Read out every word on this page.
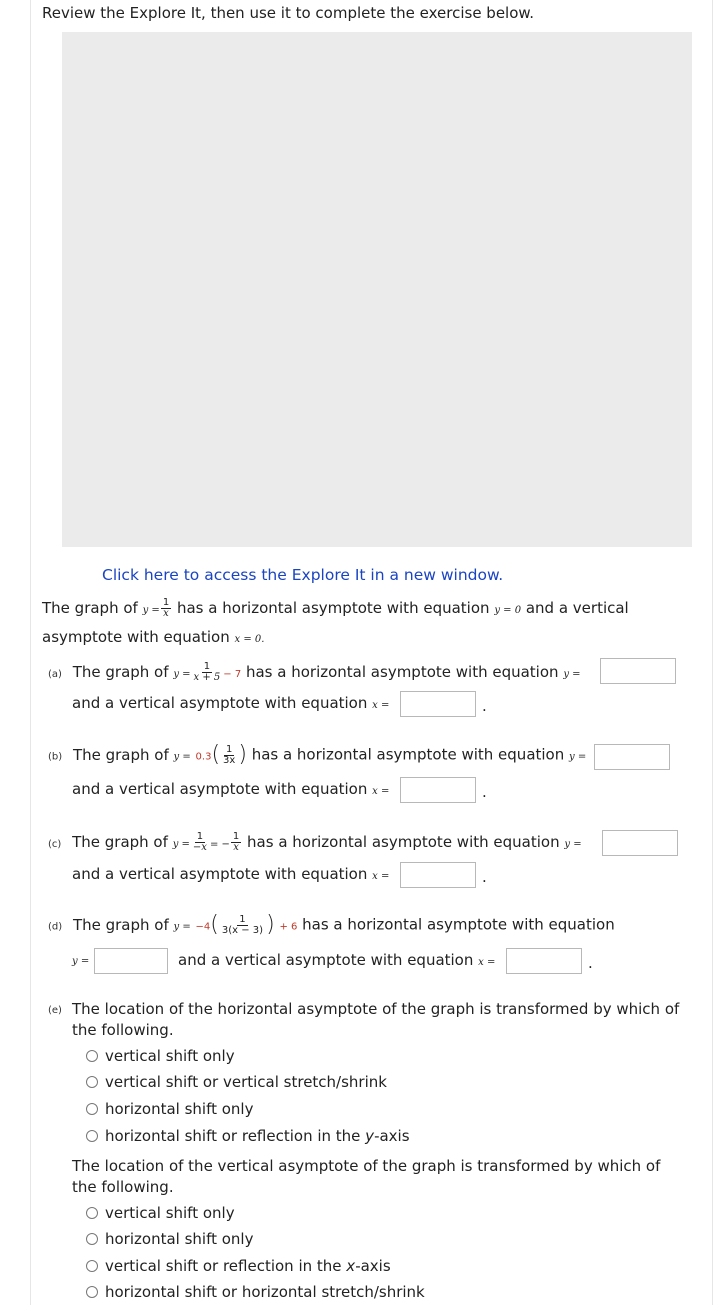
Review the Explore It, then use it to complete the exercise below.
Click here to access the Explore It in a new window.
The graph of $y = \frac{1}{x}$ has a horizontal asymptote with equation y = 0 and a vertical
asymptote with equation x = 0.
(a) The graph of $y = \frac{1}{x + 5} - 7$ has a horizontal asymptote with equation y =
and a vertical asymptote with equation x =	.
(b) The graph of $y = 0.3( \frac{1}{3x}$ ) has a horizontal asymptote with equation y =
and a vertical asymptote with equation x =	.
(c) The graph of $y = \frac{1}{-x}$ = − $\frac{1}{x}$ has a horizontal asymptote with equation y =
and a vertical asymptote with equation x =	.
(d) The graph of $y = -4( \frac{1}{3(x - 3)}$ ) + 6 has a horizontal asymptote with equation
y =	and a vertical asymptote with equation x =	.
(e) The location of the horizontal asymptote of the graph is transformed by which of
the following.
vertical shift only
vertical shift or vertical stretch/shrink
horizontal shift only
horizontal shift or reflection in the y -axis
The location of the vertical asymptote of the graph is transformed by which of
the following.
vertical shift only
horizontal shift only
vertical shift or reflection in the x -axis
horizontal shift or horizontal stretch/shrink
